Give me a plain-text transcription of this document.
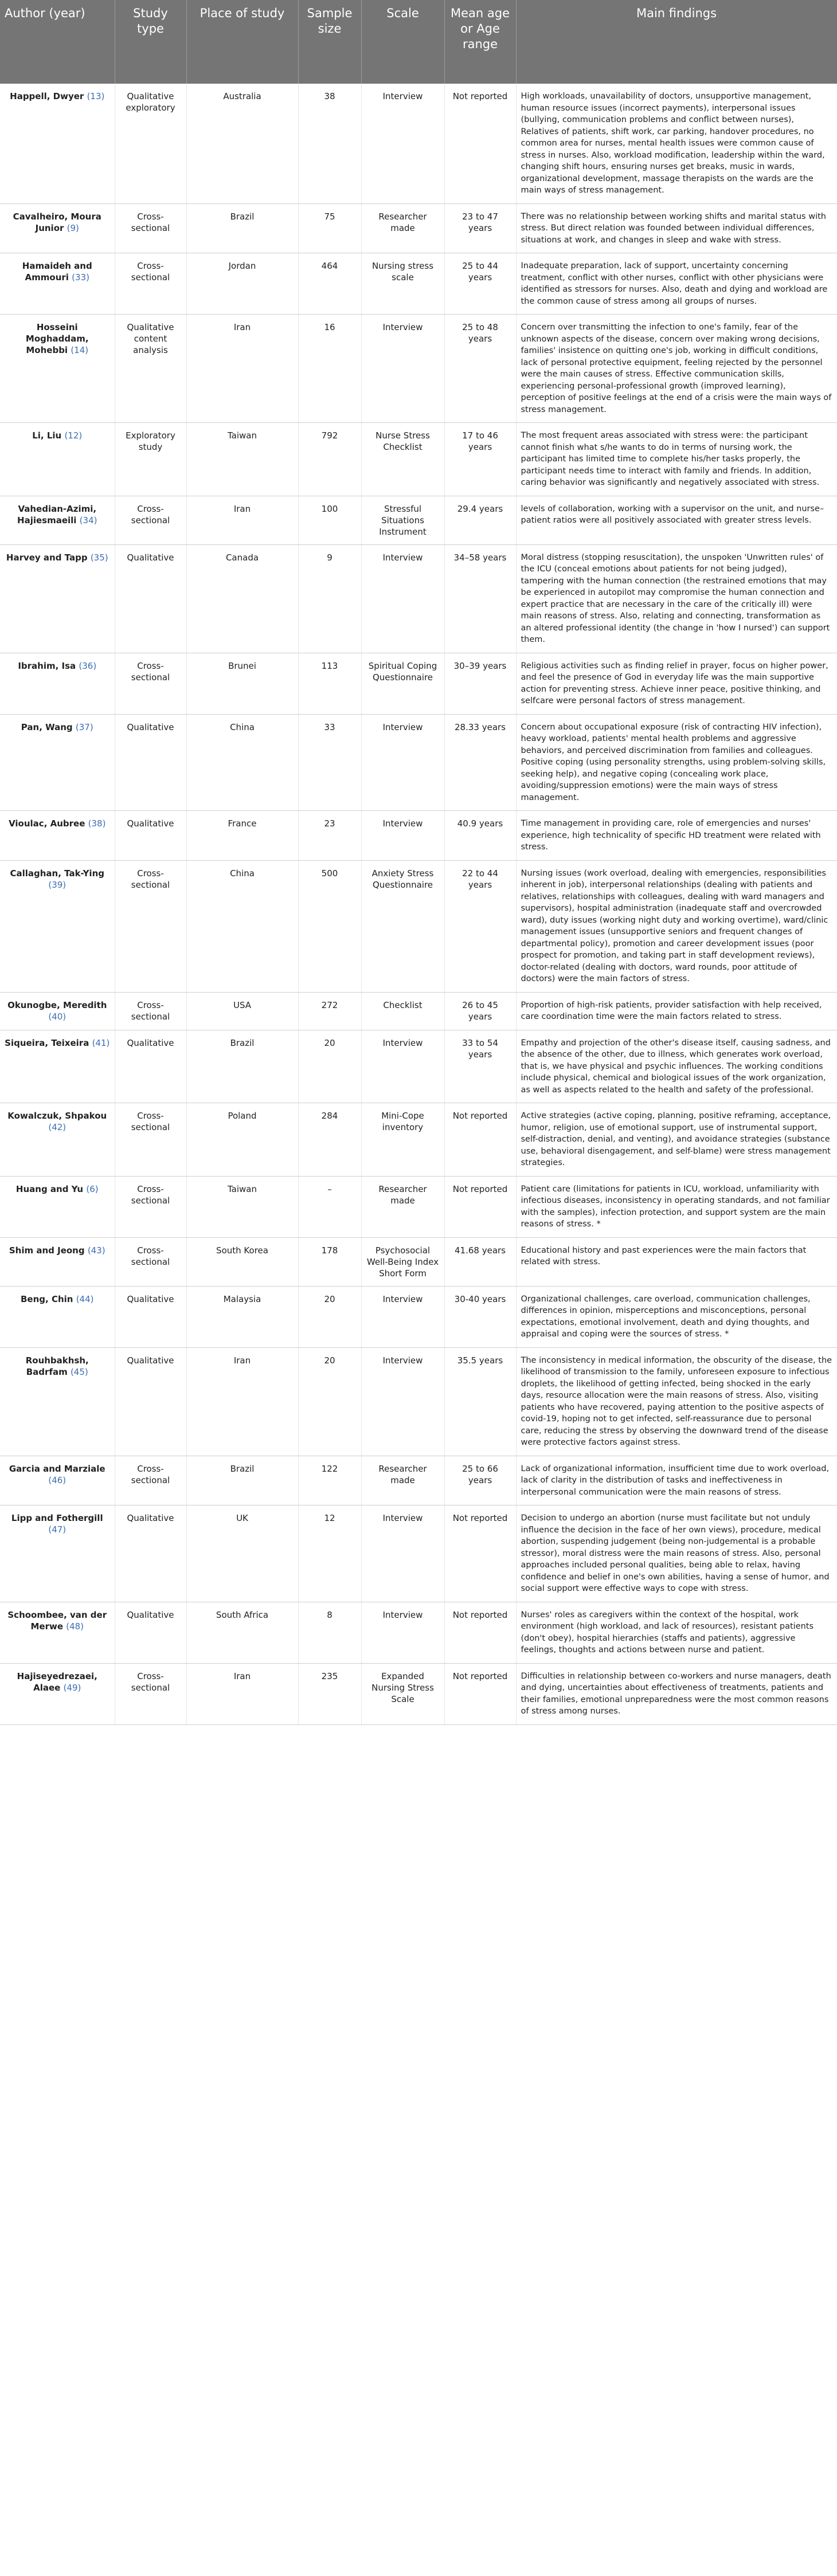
Author (year)	Study type	Place of study	Sample size	Scale	Mean age or Age range	Main findings
Happell, Dwyer (13)	Qualitative exploratory	Australia	38	Interview	Not reported	High workloads, unavailability of doctors, unsupportive management, human resource issues (incorrect payments), interpersonal issues (bullying, communication problems and conflict between nurses), Relatives of patients, shift work, car parking, handover procedures, no common area for nurses, mental health issues were common cause of stress in nurses. Also, workload modification, leadership within the ward, changing shift hours, ensuring nurses get breaks, music in wards, organizational development, massage therapists on the wards are the main ways of stress management.
Cavalheiro, Moura Junior (9)	Cross-sectional	Brazil	75	Researcher made	23 to 47 years	There was no relationship between working shifts and marital status with stress. But direct relation was founded between individual differences, situations at work, and changes in sleep and wake with stress.
Hamaideh and Ammouri (33)	Cross-sectional	Jordan	464	Nursing stress scale	25 to 44 years	Inadequate preparation, lack of support, uncertainty concerning treatment, conflict with other nurses, conflict with other physicians were identified as stressors for nurses. Also, death and dying and workload are the common cause of stress among all groups of nurses.
Hosseini Moghaddam, Mohebbi (14)	Qualitative content analysis	Iran	16	Interview	25 to 48 years	Concern over transmitting the infection to one's family, fear of the unknown aspects of the disease, concern over making wrong decisions, families' insistence on quitting one's job, working in difficult conditions, lack of personal protective equipment, feeling rejected by the personnel were the main causes of stress. Effective communication skills, experiencing personal-professional growth (improved learning), perception of positive feelings at the end of a crisis were the main ways of stress management.
Li, Liu (12)	Exploratory study	Taiwan	792	Nurse Stress Checklist	17 to 46 years	The most frequent areas associated with stress were: the participant cannot finish what s/he wants to do in terms of nursing work, the participant has limited time to complete his/her tasks properly, the participant needs time to interact with family and friends. In addition, caring behavior was significantly and negatively associated with stress.
Vahedian-Azimi, Hajiesmaeili (34)	Cross-sectional	Iran	100	Stressful Situations Instrument	29.4 years	levels of collaboration, working with a supervisor on the unit, and nurse–patient ratios were all positively associated with greater stress levels.
Harvey and Tapp (35)	Qualitative	Canada	9	Interview	34–58 years	Moral distress (stopping resuscitation), the unspoken 'Unwritten rules' of the ICU (conceal emotions about patients for not being judged), tampering with the human connection (the restrained emotions that may be experienced in autopilot may compromise the human connection and expert practice that are necessary in the care of the critically ill) were main reasons of stress. Also, relating and connecting, transformation as an altered professional identity (the change in 'how I nursed') can support them.
Ibrahim, Isa (36)	Cross-sectional	Brunei	113	Spiritual Coping Questionnaire	30–39 years	Religious activities such as finding relief in prayer, focus on higher power, and feel the presence of God in everyday life was the main supportive action for preventing stress. Achieve inner peace, positive thinking, and selfcare were personal factors of stress management.
Pan, Wang (37)	Qualitative	China	33	Interview	28.33 years	Concern about occupational exposure (risk of contracting HIV infection), heavy workload, patients' mental health problems and aggressive behaviors, and perceived discrimination from families and colleagues. Positive coping (using personality strengths, using problem-solving skills, seeking help), and negative coping (concealing work place, avoiding/suppression emotions) were the main ways of stress management.
Vioulac, Aubree (38)	Qualitative	France	23	Interview	40.9 years	Time management in providing care, role of emergencies and nurses' experience, high technicality of specific HD treatment were related with stress.
Callaghan, Tak-Ying (39)	Cross-sectional	China	500	Anxiety Stress Questionnaire	22 to 44 years	Nursing issues (work overload, dealing with emergencies, responsibilities inherent in job), interpersonal relationships (dealing with patients and relatives, relationships with colleagues, dealing with ward managers and supervisors), hospital administration (inadequate staff and overcrowded ward), duty issues (working night duty and working overtime), ward/clinic management issues (unsupportive seniors and frequent changes of departmental policy), promotion and career development issues (poor prospect for promotion, and taking part in staff development reviews), doctor-related (dealing with doctors, ward rounds, poor attitude of doctors) were the main factors of stress.
Okunogbe, Meredith (40)	Cross-sectional	USA	272	Checklist	26 to 45 years	Proportion of high-risk patients, provider satisfaction with help received, care coordination time were the main factors related to stress.
Siqueira, Teixeira (41)	Qualitative	Brazil	20	Interview	33 to 54 years	Empathy and projection of the other's disease itself, causing sadness, and the absence of the other, due to illness, which generates work overload, that is, we have physical and psychic influences. The working conditions include physical, chemical and biological issues of the work organization, as well as aspects related to the health and safety of the professional.
Kowalczuk, Shpakou (42)	Cross-sectional	Poland	284	Mini-Cope inventory	Not reported	Active strategies (active coping, planning, positive reframing, acceptance, humor, religion, use of emotional support, use of instrumental support, self-distraction, denial, and venting), and avoidance strategies (substance use, behavioral disengagement, and self-blame) were stress management strategies.
Huang and Yu (6)	Cross-sectional	Taiwan	–	Researcher made	Not reported	Patient care (limitations for patients in ICU, workload, unfamiliarity with infectious diseases, inconsistency in operating standards, and not familiar with the samples), infection protection, and support system are the main reasons of stress. *
Shim and Jeong (43)	Cross-sectional	South Korea	178	Psychosocial Well-Being Index Short Form	41.68 years	Educational history and past experiences were the main factors that related with stress.
Beng, Chin (44)	Qualitative	Malaysia	20	Interview	30-40 years	Organizational challenges, care overload, communication challenges, differences in opinion, misperceptions and misconceptions, personal expectations, emotional involvement, death and dying thoughts, and appraisal and coping were the sources of stress. *
Rouhbakhsh, Badrfam (45)	Qualitative	Iran	20	Interview	35.5 years	The inconsistency in medical information, the obscurity of the disease, the likelihood of transmission to the family, unforeseen exposure to infectious droplets, the likelihood of getting infected, being shocked in the early days, resource allocation were the main reasons of stress. Also, visiting patients who have recovered, paying attention to the positive aspects of covid-19, hoping not to get infected, self-reassurance due to personal care, reducing the stress by observing the downward trend of the disease were protective factors against stress.
Garcia and Marziale (46)	Cross-sectional	Brazil	122	Researcher made	25 to 66 years	Lack of organizational information, insufficient time due to work overload, lack of clarity in the distribution of tasks and ineffectiveness in interpersonal communication were the main reasons of stress.
Lipp and Fothergill (47)	Qualitative	UK	12	Interview	Not reported	Decision to undergo an abortion (nurse must facilitate but not unduly influence the decision in the face of her own views), procedure, medical abortion, suspending judgement (being non-judgemental is a probable stressor), moral distress were the main reasons of stress. Also, personal approaches included personal qualities, being able to relax, having confidence and belief in one's own abilities, having a sense of humor, and social support were effective ways to cope with stress.
Schoombee, van der Merwe (48)	Qualitative	South Africa	8	Interview	Not reported	Nurses' roles as caregivers within the context of the hospital, work environment (high workload, and lack of resources), resistant patients (don't obey), hospital hierarchies (staffs and patients), aggressive feelings, thoughts and actions between nurse and patient.
Hajiseyedrezaei, Alaee (49)	Cross-sectional	Iran	235	Expanded Nursing Stress Scale	Not reported	Difficulties in relationship between co-workers and nurse managers, death and dying, uncertainties about effectiveness of treatments, patients and their families, emotional unpreparedness were the most common reasons of stress among nurses.
